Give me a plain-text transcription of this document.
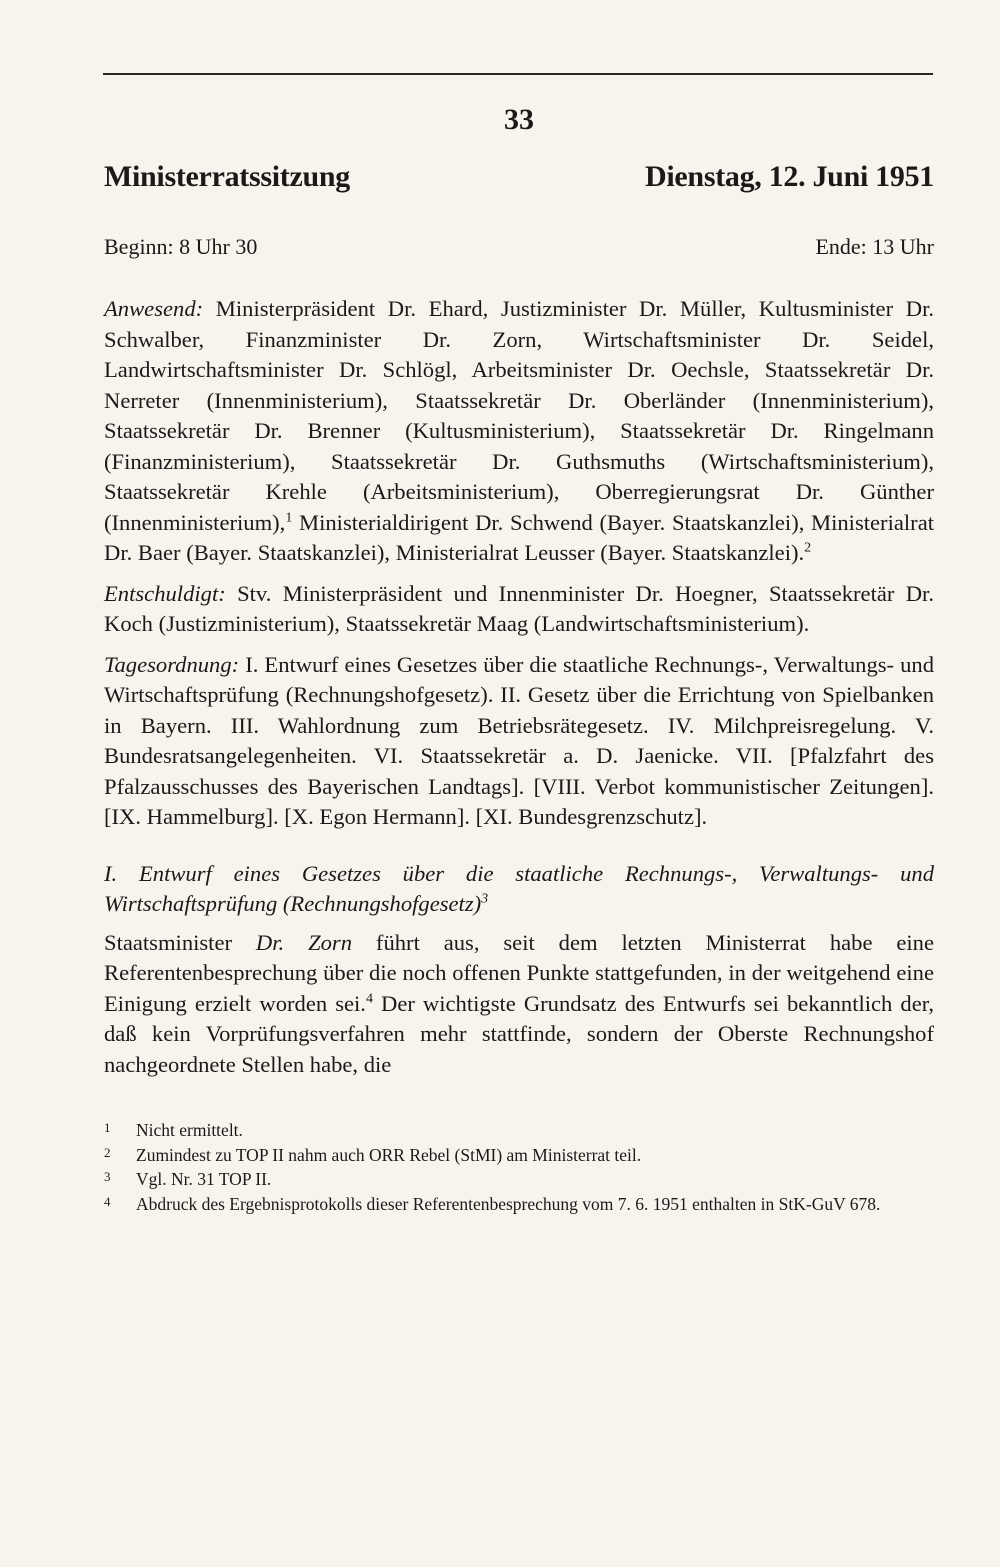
33

Ministerratssitzung	Dienstag, 12. Juni 1951
Beginn: 8 Uhr 30	Ende: 13 Uhr

Anwesend: Ministerpräsident Dr. Ehard, Justizminister Dr. Müller, Kultusminister Dr. Schwalber, Finanzminister Dr. Zorn, Wirtschaftsminister Dr. Seidel, Landwirtschaftsminister Dr. Schlögl, Arbeitsminister Dr. Oechsle, Staatssekretär Dr. Nerreter (Innenministerium), Staatssekretär Dr. Oberländer (Innenministerium), Staatssekretär Dr. Brenner (Kultusministerium), Staatssekretär Dr. Ringelmann (Finanzministerium), Staatssekretär Dr. Guthsmuths (Wirtschaftsministerium), Staatssekretär Krehle (Arbeitsministerium), Oberregierungsrat Dr. Günther (Innenministerium),$^1$ Ministerialdirigent Dr. Schwend (Bayer. Staatskanzlei), Ministerialrat Dr. Baer (Bayer. Staatskanzlei), Ministerialrat Leusser (Bayer. Staatskanzlei).$^2$

Entschuldigt: Stv. Ministerpräsident und Innenminister Dr. Hoegner, Staatssekretär Dr. Koch (Justizministerium), Staatssekretär Maag (Landwirtschaftsministerium).

Tagesordnung: I. Entwurf eines Gesetzes über die staatliche Rechnungs-, Verwaltungs- und Wirtschaftsprüfung (Rechnungshofgesetz). II. Gesetz über die Errichtung von Spielbanken in Bayern. III. Wahlordnung zum Betriebsrätegesetz. IV. Milchpreisregelung. V. Bundesratsangelegenheiten. VI. Staatssekretär a. D. Jaenicke. VII. [Pfalzfahrt des Pfalzausschusses des Bayerischen Landtags]. [VIII. Verbot kommunistischer Zeitungen]. [IX. Hammelburg]. [X. Egon Hermann]. [XI. Bundesgrenzschutz].

I. Entwurf eines Gesetzes über die staatliche Rechnungs-, Verwaltungs- und Wirtschaftsprüfung (Rechnungshofgesetz)$^3$

Staatsminister Dr. Zorn führt aus, seit dem letzten Ministerrat habe eine Referentenbesprechung über die noch offenen Punkte stattgefunden, in der weitgehend eine Einigung erzielt worden sei.$^4$ Der wichtigste Grundsatz des Entwurfs sei bekanntlich der, daß kein Vorprüfungsverfahren mehr stattfinde, sondern der Oberste Rechnungshof nachgeordnete Stellen habe, die

1	Nicht ermittelt.
2	Zumindest zu TOP II nahm auch ORR Rebel (StMI) am Ministerrat teil.
3	Vgl. Nr. 31 TOP II.
4	Abdruck des Ergebnisprotokolls dieser Referentenbesprechung vom 7. 6. 1951 enthalten in StK-GuV 678.
